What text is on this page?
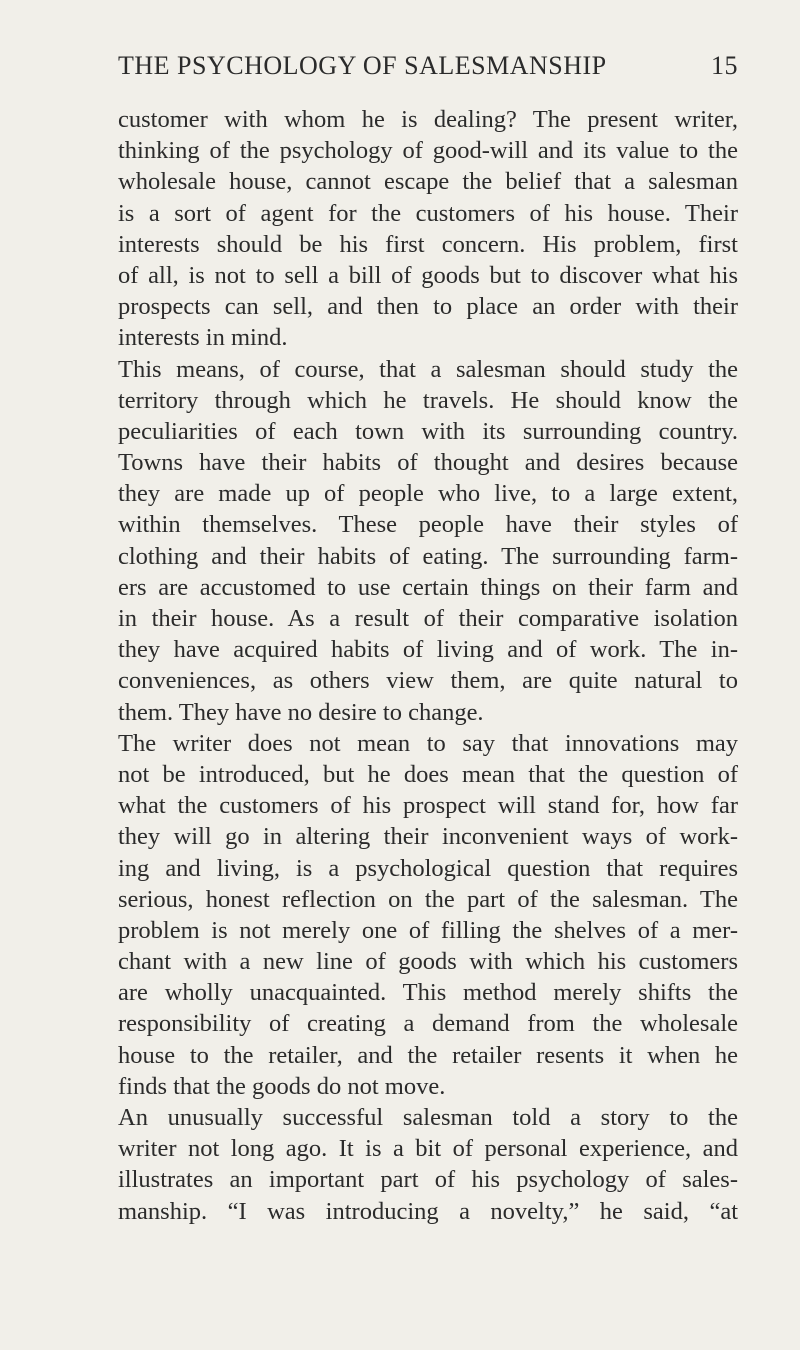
THE PSYCHOLOGY OF SALESMANSHIP	15
customer with whom he is dealing? The present writer,
thinking of the psychology of good-will and its value to the
wholesale house, cannot escape the belief that a salesman
is a sort of agent for the customers of his house. Their
interests should be his first concern. His problem, first
of all, is not to sell a bill of goods but to discover what his
prospects can sell, and then to place an order with their
interests in mind.
This means, of course, that a salesman should study the
territory through which he travels. He should know the
peculiarities of each town with its surrounding country.
Towns have their habits of thought and desires because
they are made up of people who live, to a large extent,
within themselves. These people have their styles of
clothing and their habits of eating. The surrounding farm-
ers are accustomed to use certain things on their farm and
in their house. As a result of their comparative isolation
they have acquired habits of living and of work. The in-
conveniences, as others view them, are quite natural to
them. They have no desire to change.
The writer does not mean to say that innovations may
not be introduced, but he does mean that the question of
what the customers of his prospect will stand for, how far
they will go in altering their inconvenient ways of work-
ing and living, is a psychological question that requires
serious, honest reflection on the part of the salesman. The
problem is not merely one of filling the shelves of a mer-
chant with a new line of goods with which his customers
are wholly unacquainted. This method merely shifts the
responsibility of creating a demand from the wholesale
house to the retailer, and the retailer resents it when he
finds that the goods do not move.
An unusually successful salesman told a story to the
writer not long ago. It is a bit of personal experience, and
illustrates an important part of his psychology of sales-
manship. “I was introducing a novelty,” he said, “at
